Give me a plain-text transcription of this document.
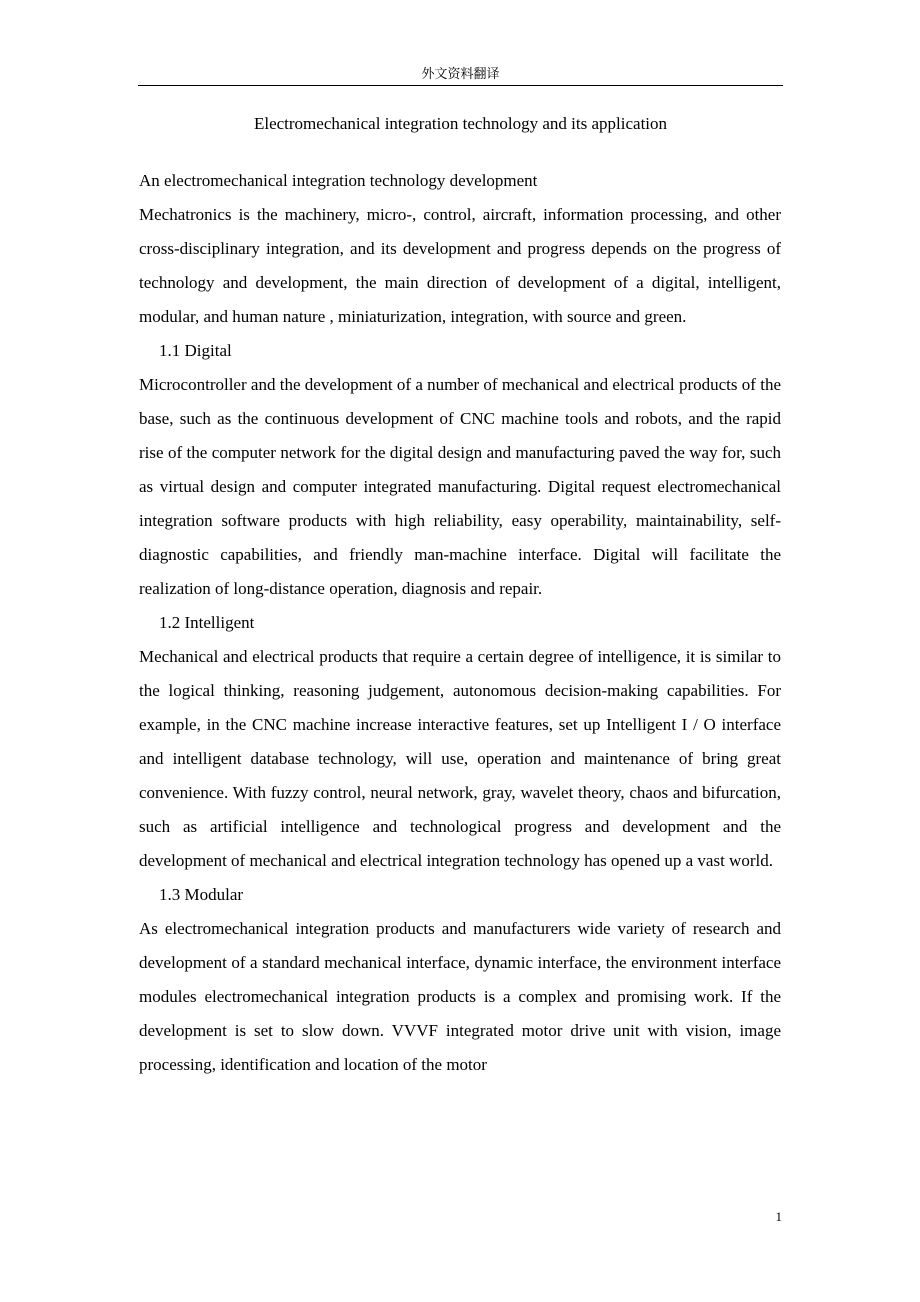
外文资料翻译
Electromechanical integration technology and its application

An electromechanical integration technology development

Mechatronics is the machinery, micro-, control, aircraft, information processing, and other cross-disciplinary integration, and its development and progress depends on the progress of technology and development, the main direction of development of a digital, intelligent, modular, and human nature , miniaturization, integration, with source and green.

1.1 Digital

Microcontroller and the development of a number of mechanical and electrical products of the base, such as the continuous development of CNC machine tools and robots, and the rapid rise of the computer network for the digital design and manufacturing paved the way for, such as virtual design and computer integrated manufacturing. Digital request electromechanical integration software products with high reliability, easy operability, maintainability, self-diagnostic capabilities, and friendly man-machine interface. Digital will facilitate the realization of long-distance operation, diagnosis and repair.

1.2 Intelligent

Mechanical and electrical products that require a certain degree of intelligence, it is similar to the logical thinking, reasoning judgement, autonomous decision-making capabilities. For example, in the CNC machine increase interactive features, set up Intelligent I / O interface and intelligent database technology, will use, operation and maintenance of bring great convenience. With fuzzy control, neural network, gray, wavelet theory, chaos and bifurcation, such as artificial intelligence and technological progress and development and the development of mechanical and electrical integration technology has opened up a vast world.

1.3 Modular

As electromechanical integration products and manufacturers wide variety of research and development of a standard mechanical interface, dynamic interface, the environment interface modules electromechanical integration products is a complex and promising work. If the development is set to slow down. VVVF integrated motor drive unit with vision, image processing, identification and location of the motor

1
